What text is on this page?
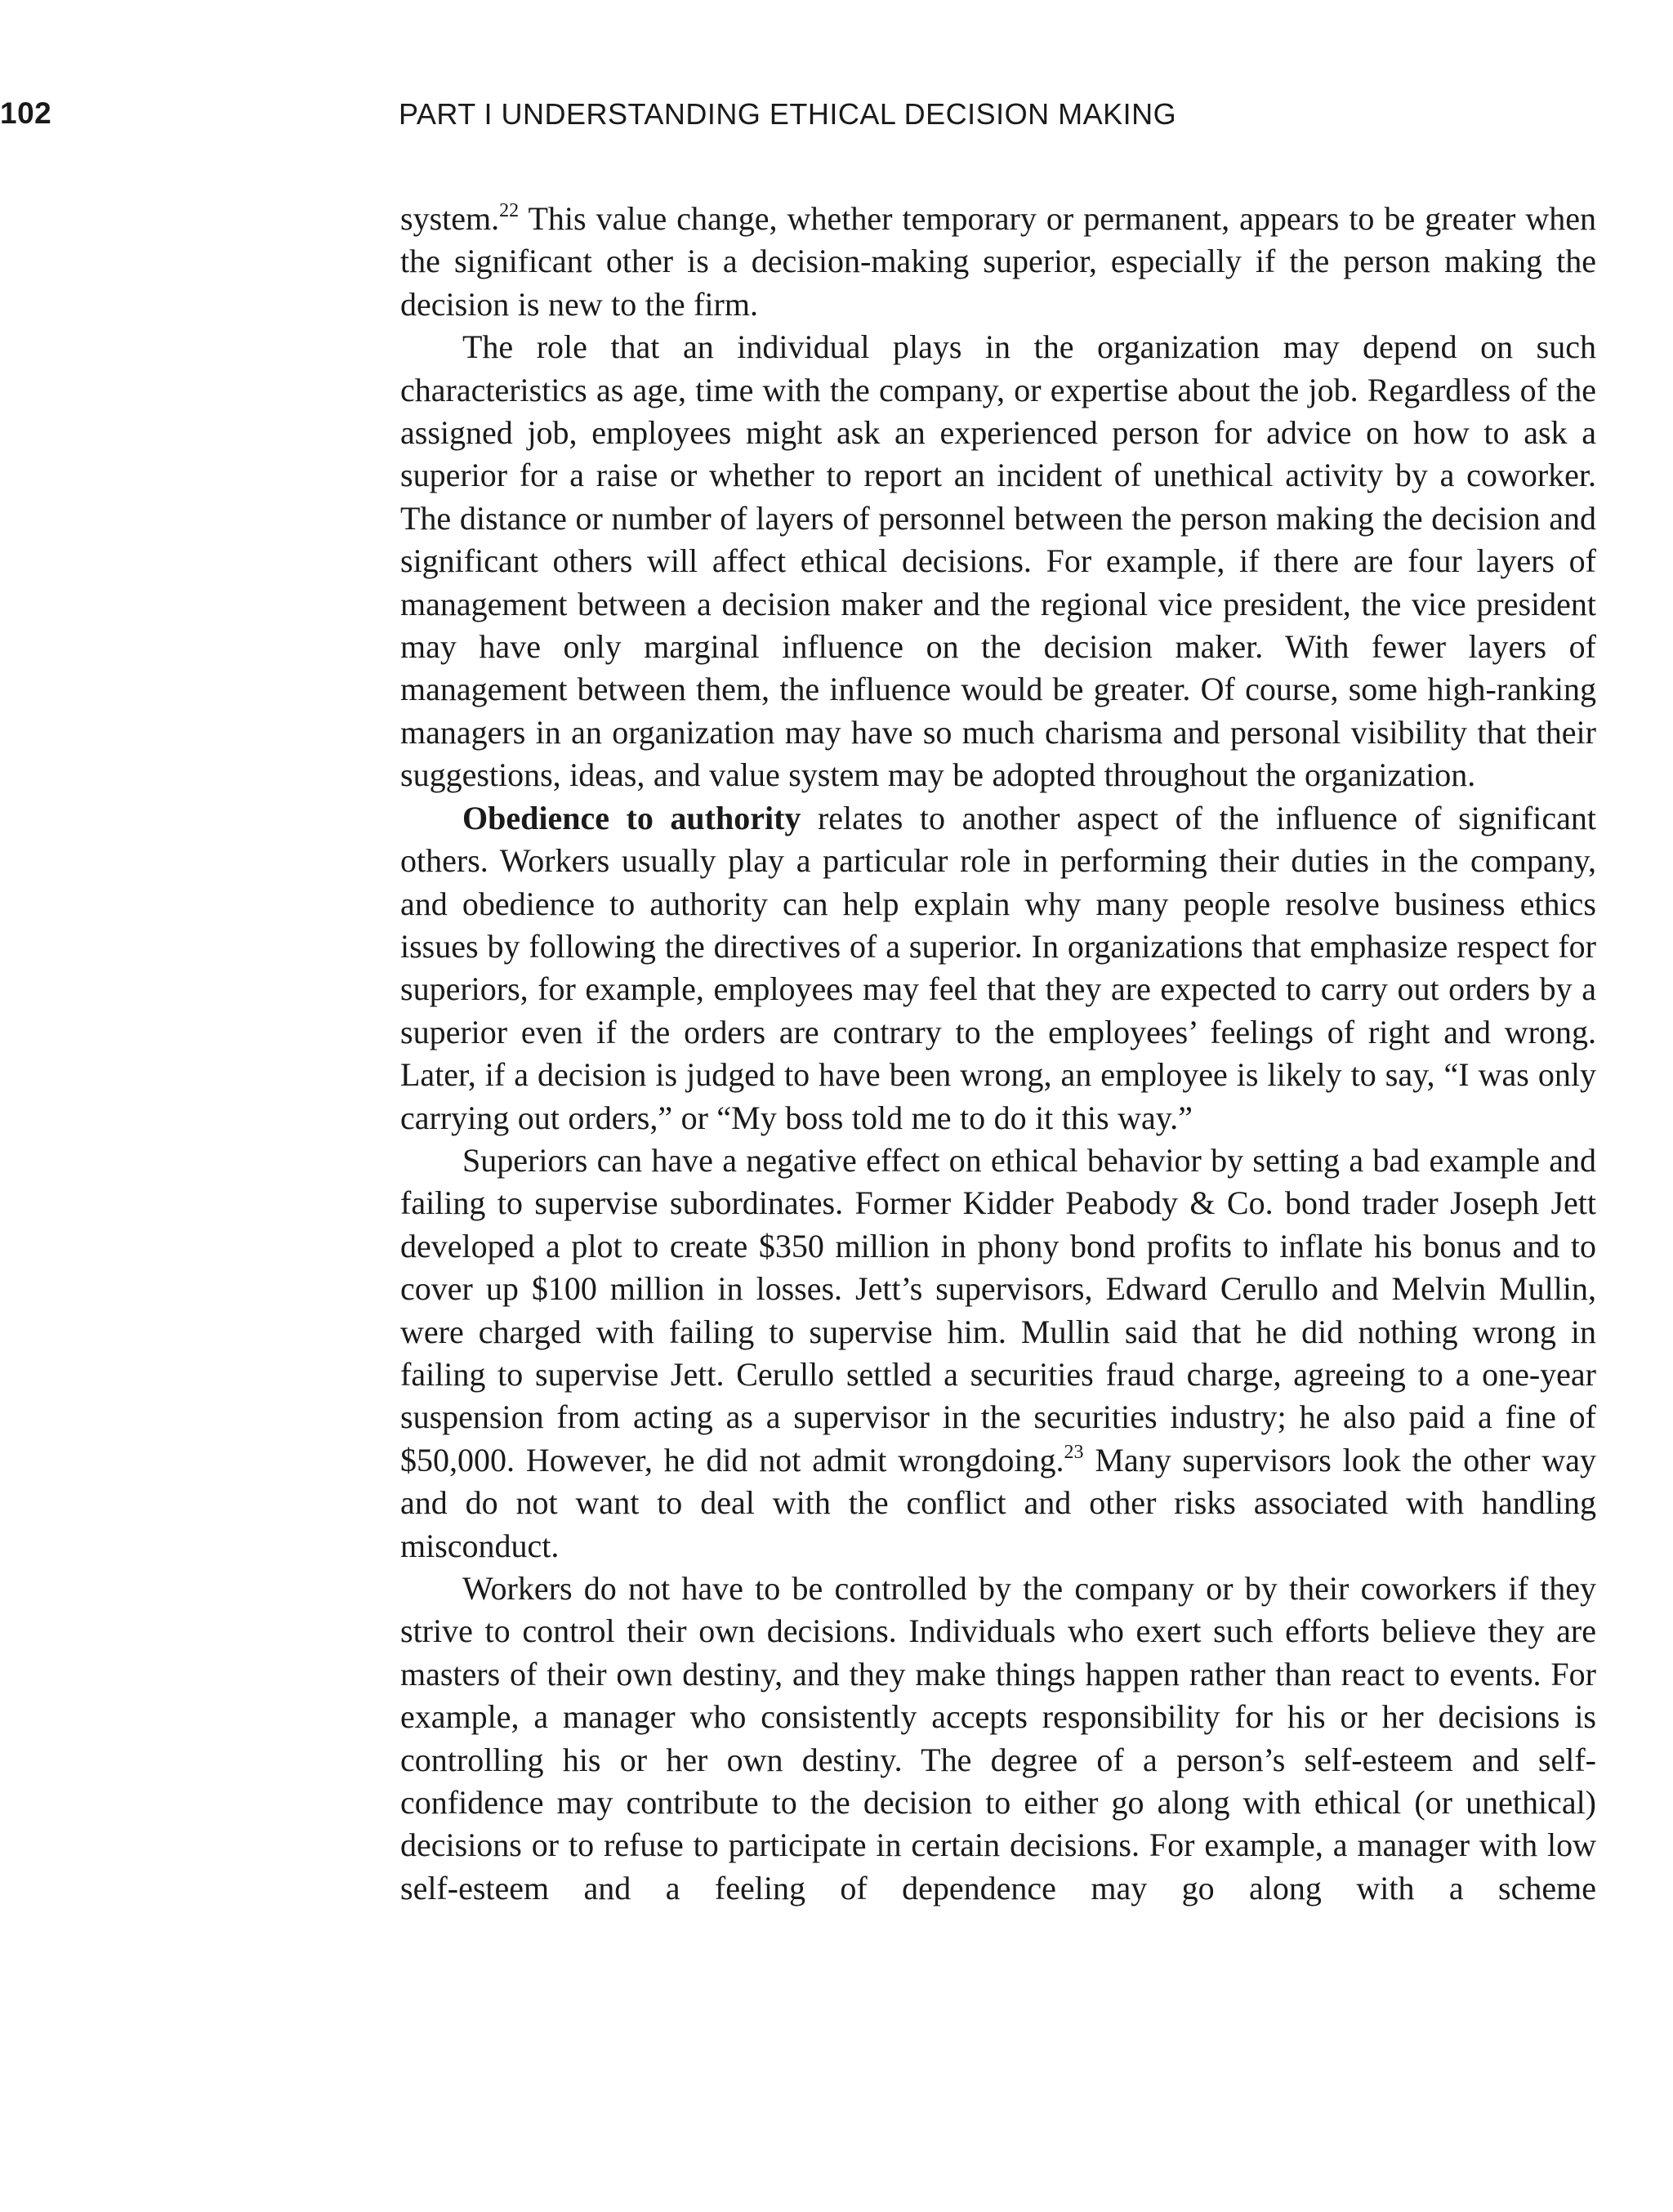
102	PART I UNDERSTANDING ETHICAL DECISION MAKING

system.$^{22}$ This value change, whether temporary or permanent, appears to be greater when the significant other is a decision-making superior, especially if the person making the decision is new to the firm.

The role that an individual plays in the organization may depend on such characteristics as age, time with the company, or expertise about the job. Regardless of the assigned job, employees might ask an experienced person for advice on how to ask a superior for a raise or whether to report an incident of unethical activity by a coworker. The distance or number of layers of personnel between the person making the decision and significant others will affect ethical decisions. For example, if there are four layers of management between a decision maker and the regional vice president, the vice president may have only marginal influence on the decision maker. With fewer layers of management between them, the influence would be greater. Of course, some high-ranking managers in an organization may have so much charisma and personal visibility that their suggestions, ideas, and value system may be adopted throughout the organization.

Obedience to authority relates to another aspect of the influence of significant others. Workers usually play a particular role in performing their duties in the company, and obedience to authority can help explain why many people resolve business ethics issues by following the directives of a superior. In organizations that emphasize respect for superiors, for example, employees may feel that they are expected to carry out orders by a superior even if the orders are contrary to the employees’ feelings of right and wrong. Later, if a decision is judged to have been wrong, an employee is likely to say, “I was only carrying out orders,” or “My boss told me to do it this way.”

Superiors can have a negative effect on ethical behavior by setting a bad example and failing to supervise subordinates. Former Kidder Peabody & Co. bond trader Joseph Jett developed a plot to create $350 million in phony bond profits to inflate his bonus and to cover up $100 million in losses. Jett’s supervisors, Edward Cerullo and Melvin Mullin, were charged with failing to supervise him. Mullin said that he did nothing wrong in failing to supervise Jett. Cerullo settled a securities fraud charge, agreeing to a one-year suspension from acting as a supervisor in the securities industry; he also paid a fine of $50,000. However, he did not admit wrongdoing.$^{23}$ Many supervisors look the other way and do not want to deal with the conflict and other risks associated with handling misconduct.

Workers do not have to be controlled by the company or by their coworkers if they strive to control their own decisions. Individuals who exert such efforts believe they are masters of their own destiny, and they make things happen rather than react to events. For example, a manager who consistently accepts responsibility for his or her decisions is controlling his or her own destiny. The degree of a person’s self-esteem and self-confidence may contribute to the decision to either go along with ethical (or unethical) decisions or to refuse to participate in certain decisions. For example, a manager with low self-esteem and a feeling of dependence may go along with a scheme
